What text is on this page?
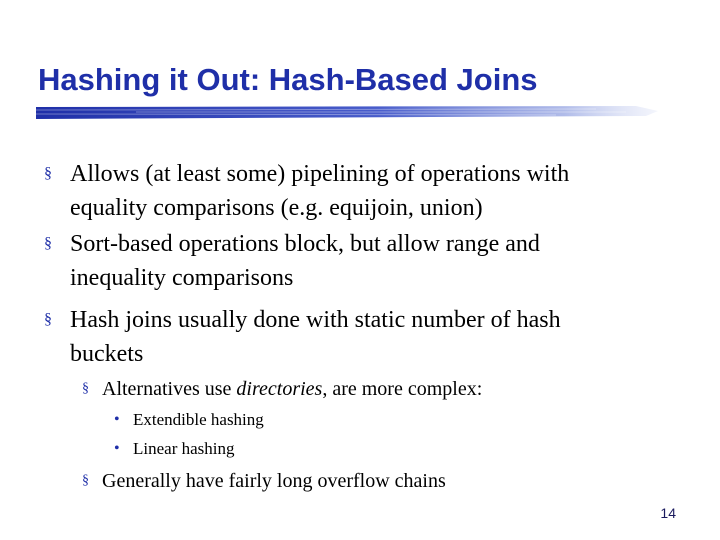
Hashing it Out: Hash-Based Joins
§ Allows (at least some) pipelining of operations with
equality comparisons (e.g. equijoin, union)
§ Sort-based operations block, but allow range and
inequality comparisons
§ Hash joins usually done with static number of hash
buckets
§ Alternatives use directories, are more complex:
• Extendible hashing
• Linear hashing
§ Generally have fairly long overflow chains
14
